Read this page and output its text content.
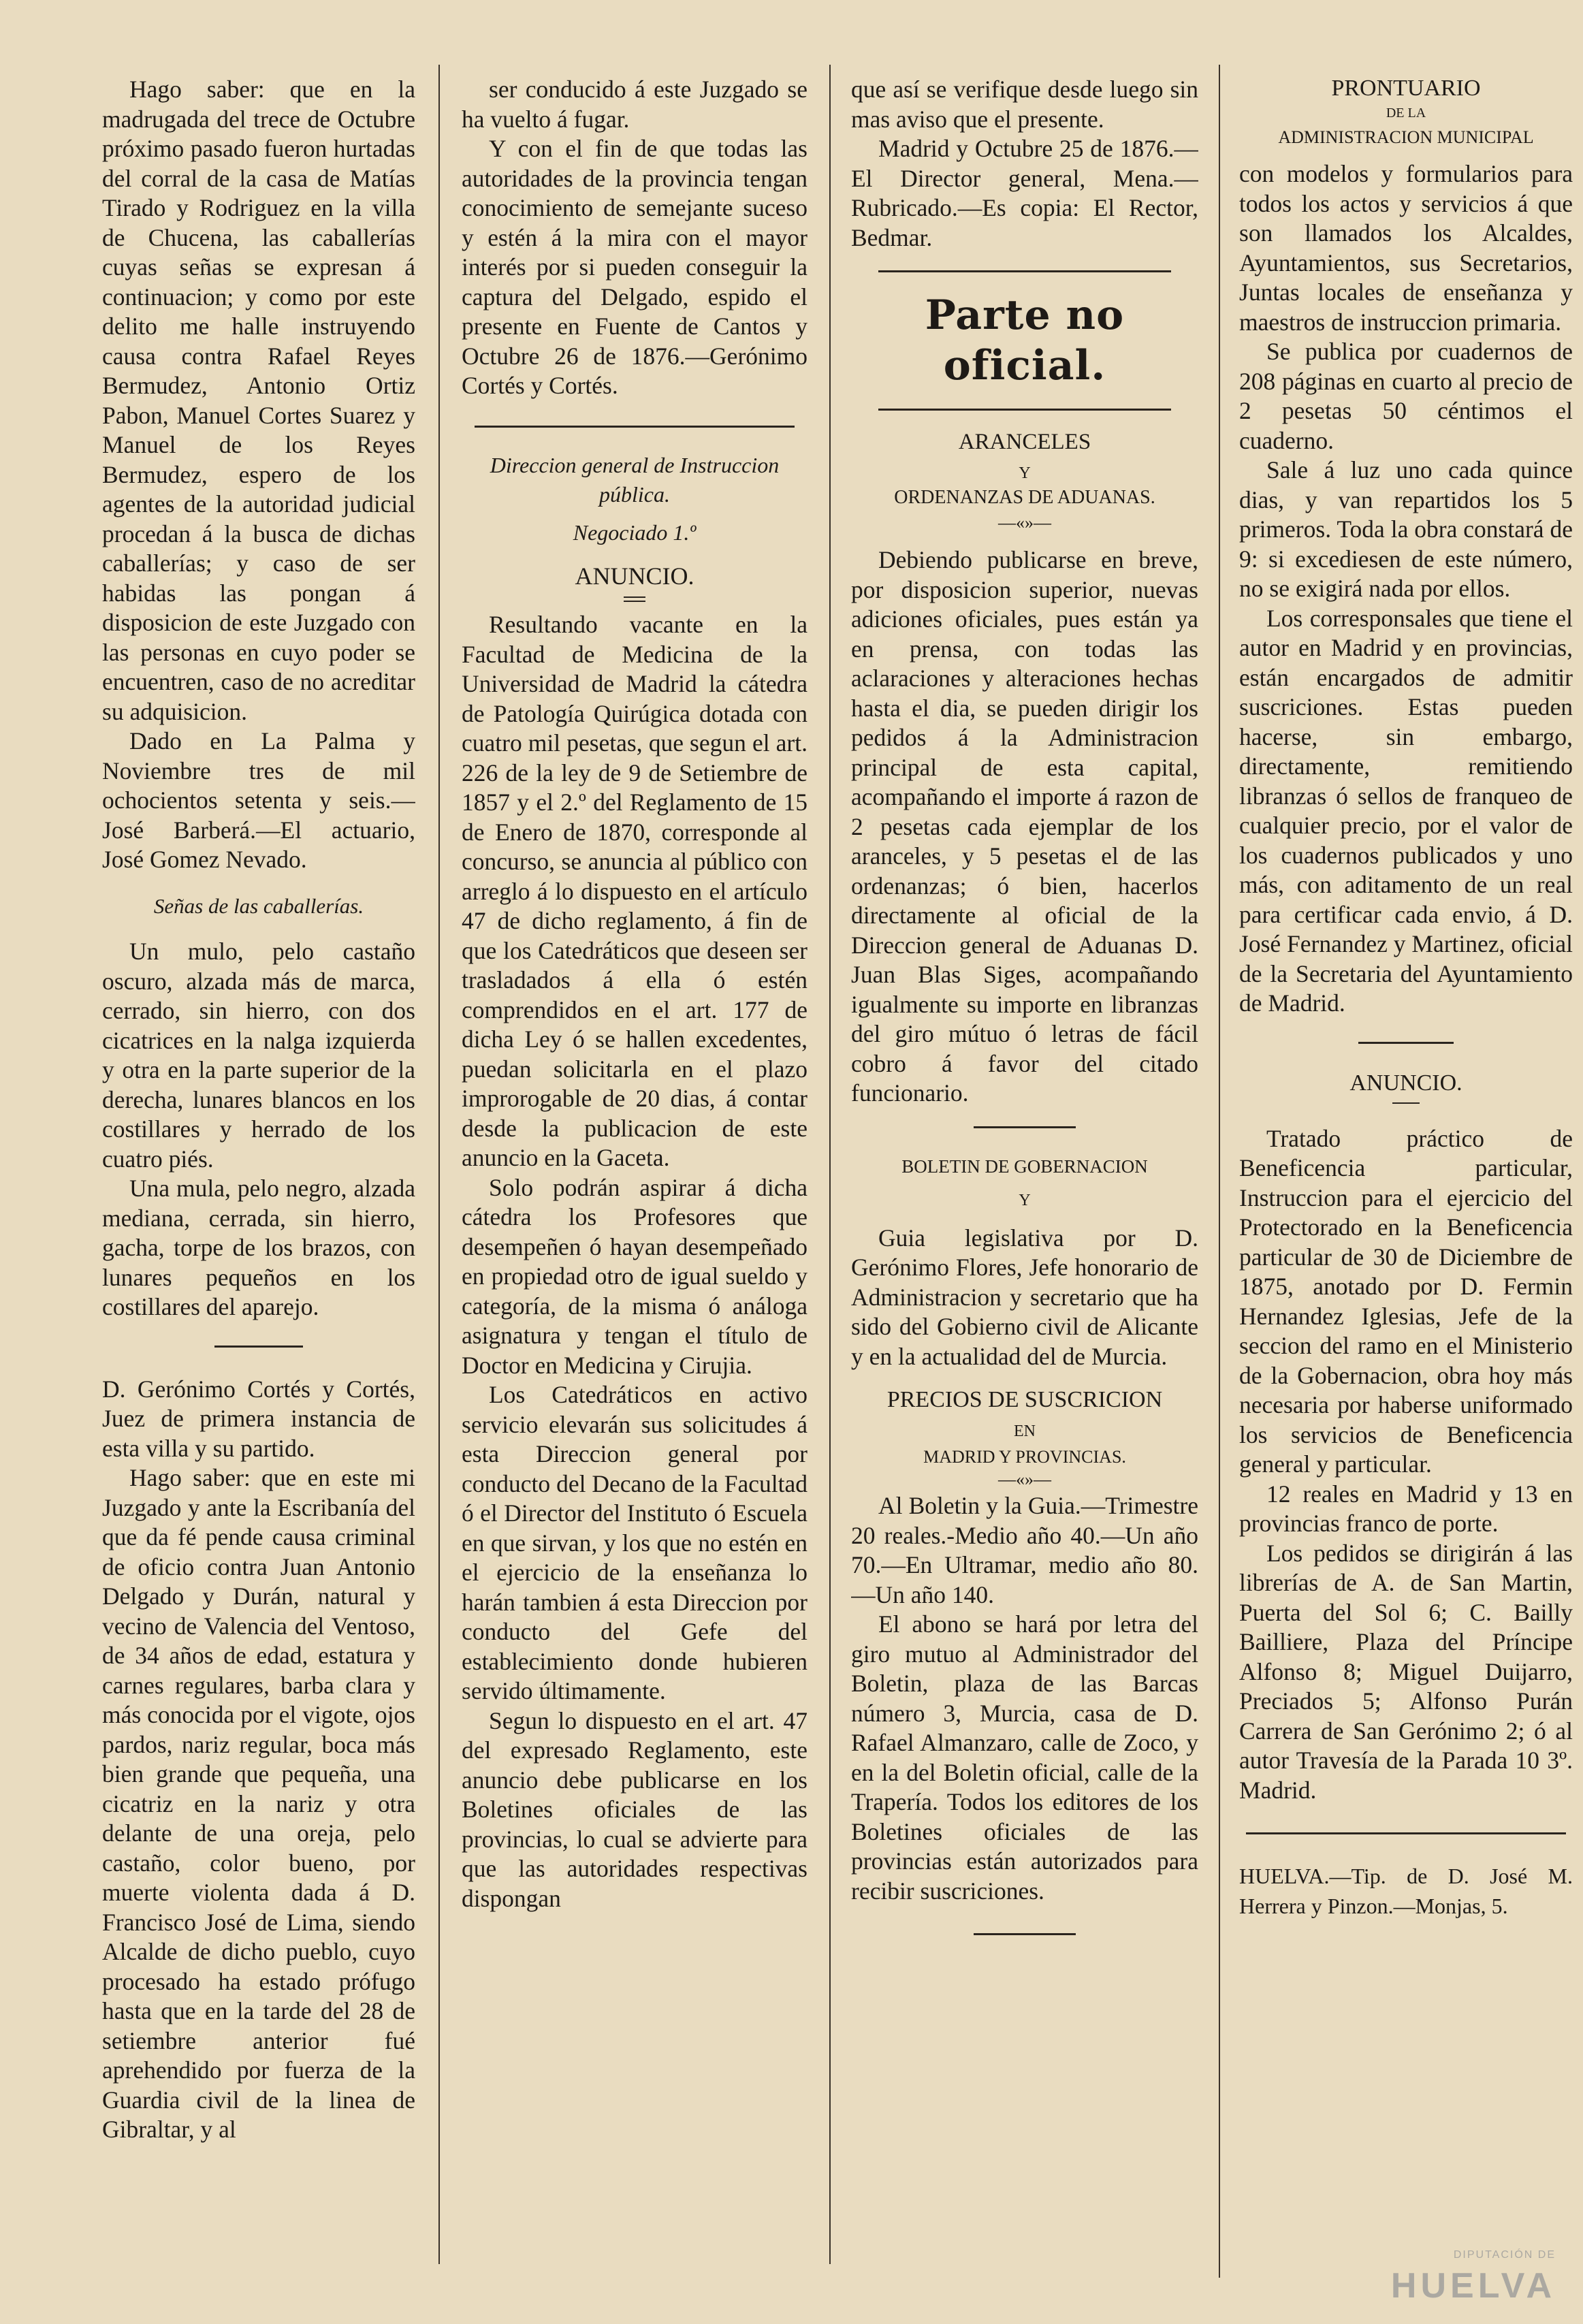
Hago saber: que en la madrugada del trece de Octubre próximo pasado fueron hurtadas del corral de la casa de Matías Tirado y Rodriguez en la villa de Chucena, las caballerías cuyas señas se expresan á continuacion; y como por este delito me halle instruyendo causa contra Rafael Reyes Bermudez, Antonio Ortiz Pabon, Manuel Cortes Suarez y Manuel de los Reyes Bermudez, espero de los agentes de la autoridad judicial procedan á la busca de dichas caballerías; y caso de ser habidas las pongan á disposicion de este Juzgado con las personas en cuyo poder se encuentren, caso de no acreditar su adquisicion.

Dado en La Palma y Noviembre tres de mil ochocientos setenta y seis.—José Barberá.—El actuario, José Gomez Nevado.

Señas de las caballerías.

Un mulo, pelo castaño oscuro, alzada más de marca, cerrado, sin hierro, con dos cicatrices en la nalga izquierda y otra en la parte superior de la derecha, lunares blancos en los costillares y herrado de los cuatro piés.

Una mula, pelo negro, alzada mediana, cerrada, sin hierro, gacha, torpe de los brazos, con lunares pequeños en los costillares del aparejo.

D. Gerónimo Cortés y Cortés, Juez de primera instancia de esta villa y su partido.

Hago saber: que en este mi Juzgado y ante la Escribanía del que da fé pende causa criminal de oficio contra Juan Antonio Delgado y Durán, natural y vecino de Valencia del Ventoso, de 34 años de edad, estatura y carnes regulares, barba clara y más conocida por el vigote, ojos pardos, nariz regular, boca más bien grande que pequeña, una cicatriz en la nariz y otra delante de una oreja, pelo castaño, color bueno, por muerte violenta dada á D. Francisco José de Lima, siendo Alcalde de dicho pueblo, cuyo procesado ha estado prófugo hasta que en la tarde del 28 de setiembre anterior fué aprehendido por fuerza de la Guardia civil de la linea de Gibraltar, y al

ser conducido á este Juzgado se ha vuelto á fugar.

Y con el fin de que todas las autoridades de la provincia tengan conocimiento de semejante suceso y estén á la mira con el mayor interés por si pueden conseguir la captura del Delgado, espido el presente en Fuente de Cantos y Octubre 26 de 1876.—Gerónimo Cortés y Cortés.

Direccion general de Instruccion pública.

Negociado 1.º

ANUNCIO.

Resultando vacante en la Facultad de Medicina de la Universidad de Madrid la cátedra de Patología Quirúgica dotada con cuatro mil pesetas, que segun el art. 226 de la ley de 9 de Setiembre de 1857 y el 2.º del Reglamento de 15 de Enero de 1870, corresponde al concurso, se anuncia al público con arreglo á lo dispuesto en el artículo 47 de dicho reglamento, á fin de que los Catedráticos que deseen ser trasladados á ella ó estén comprendidos en el art. 177 de dicha Ley ó se hallen excedentes, puedan solicitarla en el plazo improrogable de 20 dias, á contar desde la publicacion de este anuncio en la Gaceta.

Solo podrán aspirar á dicha cátedra los Profesores que desempeñen ó hayan desempeñado en propiedad otro de igual sueldo y categoría, de la misma ó análoga asignatura y tengan el título de Doctor en Medicina y Cirujia.

Los Catedráticos en activo servicio elevarán sus solicitudes á esta Direccion general por conducto del Decano de la Facultad ó el Director del Instituto ó Escuela en que sirvan, y los que no estén en el ejercicio de la enseñanza lo harán tambien á esta Direccion por conducto del Gefe del establecimiento donde hubieren servido últimamente.

Segun lo dispuesto en el art. 47 del expresado Reglamento, este anuncio debe publicarse en los Boletines oficiales de las provincias, lo cual se advierte para que las autoridades respectivas dispongan

que así se verifique desde luego sin mas aviso que el presente.

Madrid y Octubre 25 de 1876.—El Director general, Mena.—Rubricado.—Es copia: El Rector, Bedmar.

Parte no oficial.

ARANCELES

Y

ORDENANZAS DE ADUANAS.

—«»—

Debiendo publicarse en breve, por disposicion superior, nuevas adiciones oficiales, pues están ya en prensa, con todas las aclaraciones y alteraciones hechas hasta el dia, se pueden dirigir los pedidos á la Administracion principal de esta capital, acompañando el importe á razon de 2 pesetas cada ejemplar de los aranceles, y 5 pesetas el de las ordenanzas; ó bien, hacerlos directamente al oficial de la Direccion general de Aduanas D. Juan Blas Siges, acompañando igualmente su importe en libranzas del giro mútuo ó letras de fácil cobro á favor del citado funcionario.

BOLETIN DE GOBERNACION

Y

Guia legislativa por D. Gerónimo Flores, Jefe honorario de Administracion y secretario que ha sido del Gobierno civil de Alicante y en la actualidad del de Murcia.

PRECIOS DE SUSCRICION

EN

MADRID Y PROVINCIAS.

—«»—

Al Boletin y la Guia.—Trimestre 20 reales.-Medio año 40.—Un año 70.—En Ultramar, medio año 80.—Un año 140.

El abono se hará por letra del giro mutuo al Administrador del Boletin, plaza de las Barcas número 3, Murcia, casa de D. Rafael Almanzaro, calle de Zoco, y en la del Boletin oficial, calle de la Trapería. Todos los editores de los Boletines oficiales de las provincias están autorizados para recibir suscriciones.

PRONTUARIO

DE LA

ADMINISTRACION MUNICIPAL

con modelos y formularios para todos los actos y servicios á que son llamados los Alcaldes, Ayuntamientos, sus Secretarios, Juntas locales de enseñanza y maestros de instruccion primaria.

Se publica por cuadernos de 208 páginas en cuarto al precio de 2 pesetas 50 céntimos el cuaderno.

Sale á luz uno cada quince dias, y van repartidos los 5 primeros. Toda la obra constará de 9: si excediesen de este número, no se exigirá nada por ellos.

Los corresponsales que tiene el autor en Madrid y en provincias, están encargados de admitir suscriciones. Estas pueden hacerse, sin embargo, directamente, remitiendo libranzas ó sellos de franqueo de cualquier precio, por el valor de los cuadernos publicados y uno más, con aditamento de un real para certificar cada envio, á D. José Fernandez y Martinez, oficial de la Secretaria del Ayuntamiento de Madrid.

ANUNCIO.

Tratado práctico de Beneficencia particular, Instruccion para el ejercicio del Protectorado en la Beneficencia particular de 30 de Diciembre de 1875, anotado por D. Fermin Hernandez Iglesias, Jefe de la seccion del ramo en el Ministerio de la Gobernacion, obra hoy más necesaria por haberse uniformado los servicios de Beneficencia general y particular.

12 reales en Madrid y 13 en provincias franco de porte.

Los pedidos se dirigirán á las librerías de A. de San Martin, Puerta del Sol 6; C. Bailly Bailliere, Plaza del Príncipe Alfonso 8; Miguel Duijarro, Preciados 5; Alfonso Purán Carrera de San Gerónimo 2; ó al autor Travesía de la Parada 10 3º. Madrid.

HUELVA.—Tip. de D. José M. Herrera y Pinzon.—Monjas, 5.

DIPUTACIÓN DE
HUELVA
